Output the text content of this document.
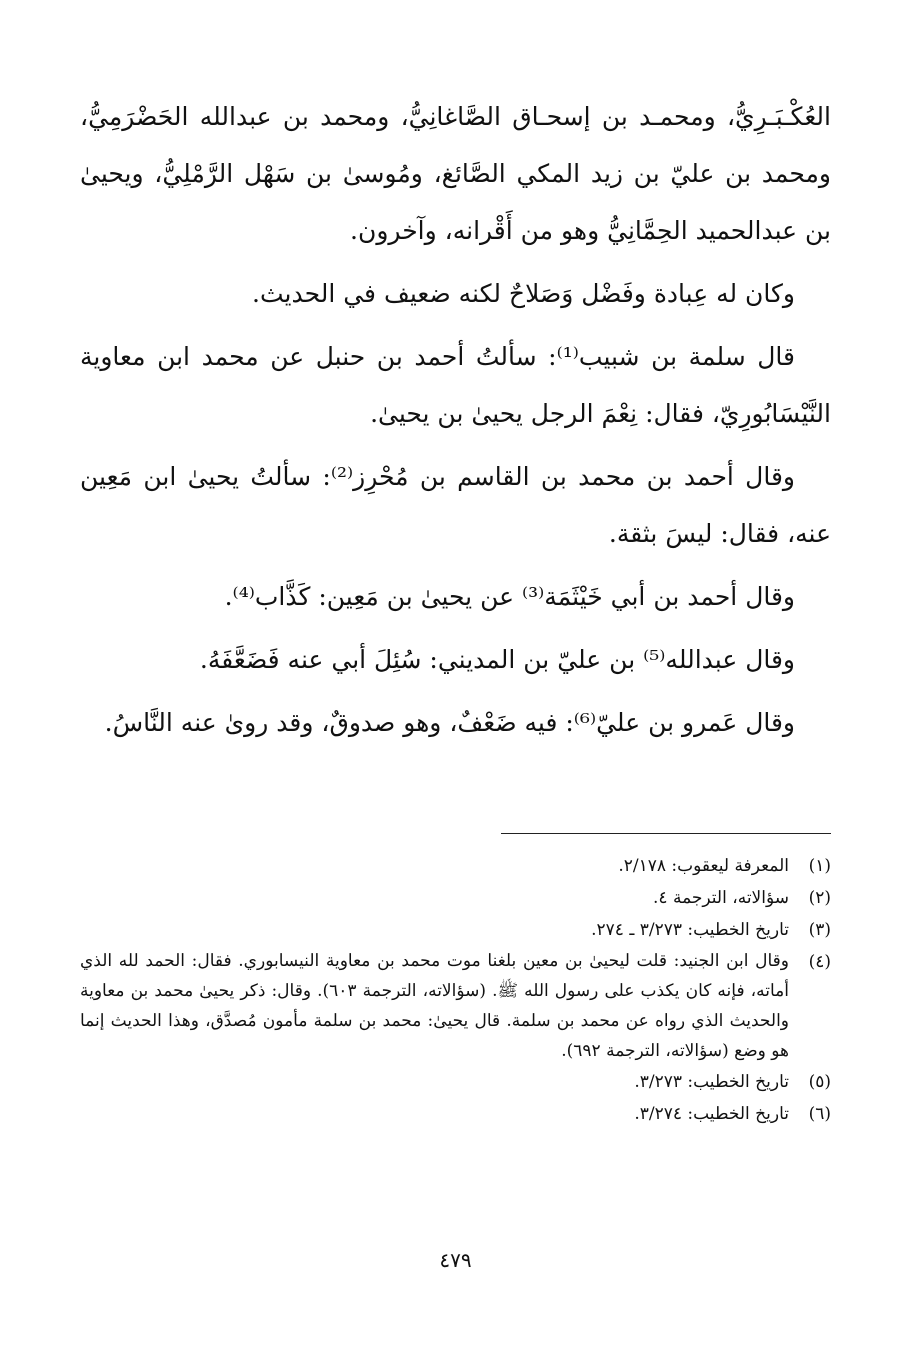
العُكْـبَـرِيُّ، ومحمـد بن إسحـاق الصَّاغانِيُّ، ومحمد بن عبدالله الحَضْرَمِيُّ، ومحمد بن عليّ بن زيد المكي الصَّائغ، ومُوسىٰ بن سَهْل الرَّمْلِيُّ، ويحيىٰ بن عبدالحميد الحِمَّانِيُّ وهو من أَقْرانه، وآخرون.

وكان له عِبادة وفَضْل وَصَلاحٌ لكنه ضعيف في الحديث.

قال سلمة بن شبيب⁽¹⁾: سألتُ أحمد بن حنبل عن محمد ابن معاوية النَّيْسَابُورِيّ، فقال: نِعْمَ الرجل يحيىٰ بن يحيىٰ.

وقال أحمد بن محمد بن القاسم بن مُحْرِز⁽²⁾: سألتُ يحيىٰ ابن مَعِين عنه، فقال: ليسَ بثقة.

وقال أحمد بن أبي خَيْثَمَة⁽³⁾ عن يحيىٰ بن مَعِين: كَذَّاب⁽⁴⁾.

وقال عبدالله⁽⁵⁾ بن عليّ بن المديني: سُئِلَ أبي عنه فَضَعَّفَهُ.

وقال عَمرو بن عليّ⁽⁶⁾: فيه ضَعْفٌ، وهو صدوقٌ، وقد روىٰ عنه النَّاسُ.

(١)
المعرفة ليعقوب: ٢/١٧٨.
(٢)
سؤالاته، الترجمة ٤.
(٣)
تاريخ الخطيب: ٣/٢٧٣ ـ ٢٧٤.
(٤)
وقال ابن الجنيد: قلت ليحيىٰ بن معين بلغنا موت محمد بن معاوية النيسابوري. فقال: الحمد لله الذي أماته، فإنه كان يكذب على رسول الله ﷺ. (سؤالاته، الترجمة ٦٠٣). وقال: ذكر يحيىٰ محمد بن معاوية والحديث الذي رواه عن محمد بن سلمة. قال يحيىٰ: محمد بن سلمة مأمون مُصدَّق، وهذا الحديث إنما هو وضع (سؤالاته، الترجمة ٦٩٢).
(٥)
تاريخ الخطيب: ٣/٢٧٣.
(٦)
تاريخ الخطيب: ٣/٢٧٤.
٤٧٩
